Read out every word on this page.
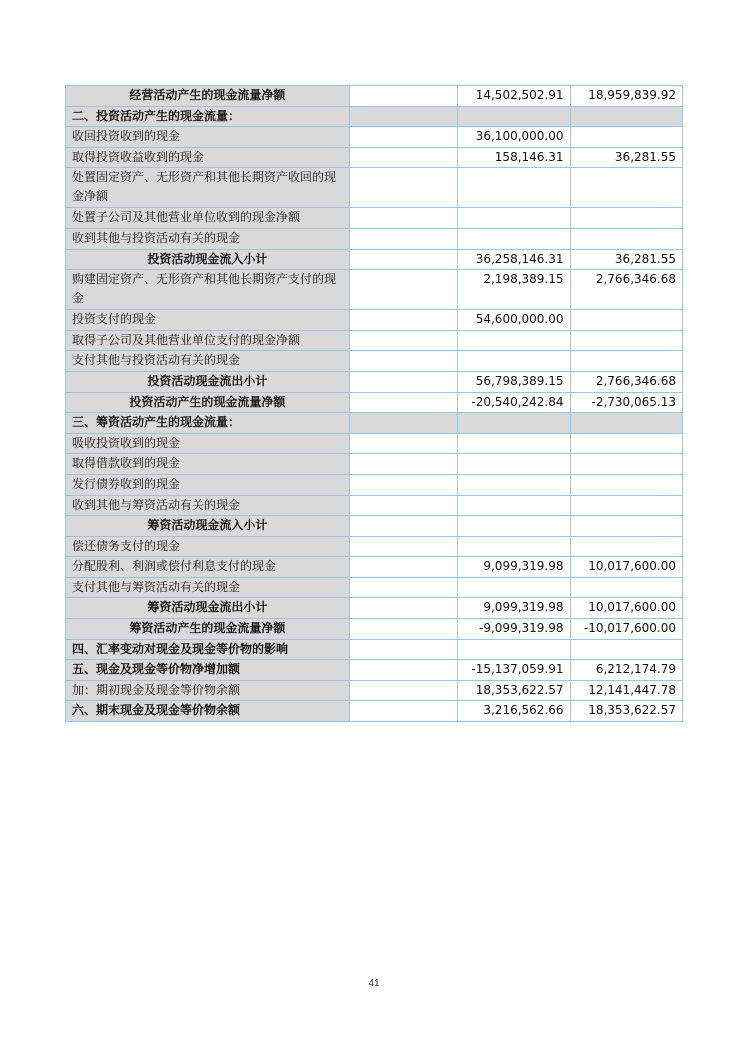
经营活动产生的现金流量净额		14,502,502.91	18,959,839.92
二、投资活动产生的现金流量：			
收回投资收到的现金		36,100,000.00	
取得投资收益收到的现金		158,146.31	36,281.55
处置固定资产、无形资产和其他长期资产收回的现金净额			
处置子公司及其他营业单位收到的现金净额			
收到其他与投资活动有关的现金			
投资活动现金流入小计		36,258,146.31	36,281.55
购建固定资产、无形资产和其他长期资产支付的现金		2,198,389.15	2,766,346.68
投资支付的现金		54,600,000.00	
取得子公司及其他营业单位支付的现金净额			
支付其他与投资活动有关的现金			
投资活动现金流出小计		56,798,389.15	2,766,346.68
投资活动产生的现金流量净额		-20,540,242.84	-2,730,065.13
三、筹资活动产生的现金流量：			
吸收投资收到的现金			
取得借款收到的现金			
发行债券收到的现金			
收到其他与筹资活动有关的现金			
筹资活动现金流入小计			
偿还债务支付的现金			
分配股利、利润或偿付利息支付的现金		9,099,319.98	10,017,600.00
支付其他与筹资活动有关的现金			
筹资活动现金流出小计		9,099,319.98	10,017,600.00
筹资活动产生的现金流量净额		-9,099,319.98	-10,017,600.00
四、汇率变动对现金及现金等价物的影响			
五、现金及现金等价物净增加额		-15,137,059.91	6,212,174.79
加：期初现金及现金等价物余额		18,353,622.57	12,141,447.78
六、期末现金及现金等价物余额		3,216,562.66	18,353,622.57
41
